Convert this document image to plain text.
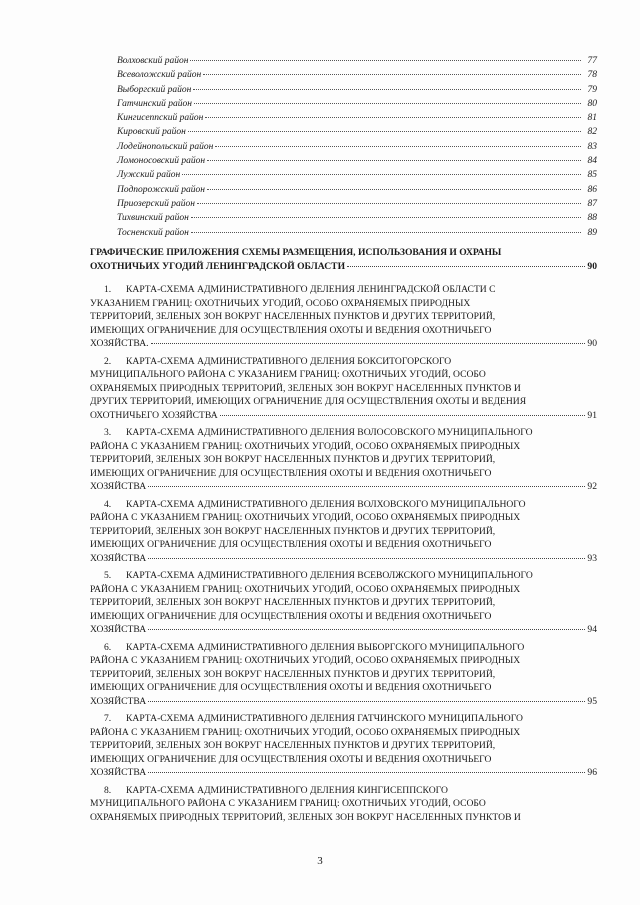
Волховский район	77
Всеволожский район	78
Выборгский район	79
Гатчинский район	80
Кингисеппский район	81
Кировский район	82
Лодейнопольский район	83
Ломоносовский район	84
Лужский район	85
Подпорожский район	86
Приозерский район	87
Тихвинский район	88
Тосненский район	89
ГРАФИЧЕСКИЕ ПРИЛОЖЕНИЯ СХЕМЫ РАЗМЕЩЕНИЯ, ИСПОЛЬЗОВАНИЯ И ОХРАНЫ
ОХОТНИЧЬИХ УГОДИЙ ЛЕНИНГРАДСКОЙ ОБЛАСТИ	90
1. КАРТА-СХЕМА АДМИНИСТРАТИВНОГО ДЕЛЕНИЯ ЛЕНИНГРАДСКОЙ ОБЛАСТИ С
УКАЗАНИЕМ ГРАНИЦ: ОХОТНИЧЬИХ УГОДИЙ, ОСОБО ОХРАНЯЕМЫХ ПРИРОДНЫХ
ТЕРРИТОРИЙ, ЗЕЛЕНЫХ ЗОН ВОКРУГ НАСЕЛЕННЫХ ПУНКТОВ И ДРУГИХ ТЕРРИТОРИЙ,
ИМЕЮЩИХ ОГРАНИЧЕНИЕ ДЛЯ ОСУЩЕСТВЛЕНИЯ ОХОТЫ И ВЕДЕНИЯ ОХОТНИЧЬЕГО
ХОЗЯЙСТВА.	90
2. КАРТА-СХЕМА АДМИНИСТРАТИВНОГО ДЕЛЕНИЯ БОКСИТОГОРСКОГО
МУНИЦИПАЛЬНОГО РАЙОНА С УКАЗАНИЕМ ГРАНИЦ: ОХОТНИЧЬИХ УГОДИЙ, ОСОБО
ОХРАНЯЕМЫХ ПРИРОДНЫХ ТЕРРИТОРИЙ, ЗЕЛЕНЫХ ЗОН ВОКРУГ НАСЕЛЕННЫХ ПУНКТОВ И
ДРУГИХ ТЕРРИТОРИЙ, ИМЕЮЩИХ ОГРАНИЧЕНИЕ ДЛЯ ОСУЩЕСТВЛЕНИЯ ОХОТЫ И ВЕДЕНИЯ
ОХОТНИЧЬЕГО ХОЗЯЙСТВА	91
3. КАРТА-СХЕМА АДМИНИСТРАТИВНОГО ДЕЛЕНИЯ ВОЛОСОВСКОГО МУНИЦИПАЛЬНОГО
РАЙОНА С УКАЗАНИЕМ ГРАНИЦ: ОХОТНИЧЬИХ УГОДИЙ, ОСОБО ОХРАНЯЕМЫХ ПРИРОДНЫХ
ТЕРРИТОРИЙ, ЗЕЛЕНЫХ ЗОН ВОКРУГ НАСЕЛЕННЫХ ПУНКТОВ И ДРУГИХ ТЕРРИТОРИЙ,
ИМЕЮЩИХ ОГРАНИЧЕНИЕ ДЛЯ ОСУЩЕСТВЛЕНИЯ ОХОТЫ И ВЕДЕНИЯ ОХОТНИЧЬЕГО
ХОЗЯЙСТВА	92
4. КАРТА-СХЕМА АДМИНИСТРАТИВНОГО ДЕЛЕНИЯ ВОЛХОВСКОГО МУНИЦИПАЛЬНОГО
РАЙОНА С УКАЗАНИЕМ ГРАНИЦ: ОХОТНИЧЬИХ УГОДИЙ, ОСОБО ОХРАНЯЕМЫХ ПРИРОДНЫХ
ТЕРРИТОРИЙ, ЗЕЛЕНЫХ ЗОН ВОКРУГ НАСЕЛЕННЫХ ПУНКТОВ И ДРУГИХ ТЕРРИТОРИЙ,
ИМЕЮЩИХ ОГРАНИЧЕНИЕ ДЛЯ ОСУЩЕСТВЛЕНИЯ ОХОТЫ И ВЕДЕНИЯ ОХОТНИЧЬЕГО
ХОЗЯЙСТВА	93
5. КАРТА-СХЕМА АДМИНИСТРАТИВНОГО ДЕЛЕНИЯ ВСЕВОЛЖСКОГО МУНИЦИПАЛЬНОГО
РАЙОНА С УКАЗАНИЕМ ГРАНИЦ: ОХОТНИЧЬИХ УГОДИЙ, ОСОБО ОХРАНЯЕМЫХ ПРИРОДНЫХ
ТЕРРИТОРИЙ, ЗЕЛЕНЫХ ЗОН ВОКРУГ НАСЕЛЕННЫХ ПУНКТОВ И ДРУГИХ ТЕРРИТОРИЙ,
ИМЕЮЩИХ ОГРАНИЧЕНИЕ ДЛЯ ОСУЩЕСТВЛЕНИЯ ОХОТЫ И ВЕДЕНИЯ ОХОТНИЧЬЕГО
ХОЗЯЙСТВА	94
6. КАРТА-СХЕМА АДМИНИСТРАТИВНОГО ДЕЛЕНИЯ ВЫБОРГСКОГО МУНИЦИПАЛЬНОГО
РАЙОНА С УКАЗАНИЕМ ГРАНИЦ: ОХОТНИЧЬИХ УГОДИЙ, ОСОБО ОХРАНЯЕМЫХ ПРИРОДНЫХ
ТЕРРИТОРИЙ, ЗЕЛЕНЫХ ЗОН ВОКРУГ НАСЕЛЕННЫХ ПУНКТОВ И ДРУГИХ ТЕРРИТОРИЙ,
ИМЕЮЩИХ ОГРАНИЧЕНИЕ ДЛЯ ОСУЩЕСТВЛЕНИЯ ОХОТЫ И ВЕДЕНИЯ ОХОТНИЧЬЕГО
ХОЗЯЙСТВА	95
7. КАРТА-СХЕМА АДМИНИСТРАТИВНОГО ДЕЛЕНИЯ ГАТЧИНСКОГО МУНИЦИПАЛЬНОГО
РАЙОНА С УКАЗАНИЕМ ГРАНИЦ: ОХОТНИЧЬИХ УГОДИЙ, ОСОБО ОХРАНЯЕМЫХ ПРИРОДНЫХ
ТЕРРИТОРИЙ, ЗЕЛЕНЫХ ЗОН ВОКРУГ НАСЕЛЕННЫХ ПУНКТОВ И ДРУГИХ ТЕРРИТОРИЙ,
ИМЕЮЩИХ ОГРАНИЧЕНИЕ ДЛЯ ОСУЩЕСТВЛЕНИЯ ОХОТЫ И ВЕДЕНИЯ ОХОТНИЧЬЕГО
ХОЗЯЙСТВА	96
8. КАРТА-СХЕМА АДМИНИСТРАТИВНОГО ДЕЛЕНИЯ КИНГИСЕППСКОГО
МУНИЦИПАЛЬНОГО РАЙОНА С УКАЗАНИЕМ ГРАНИЦ: ОХОТНИЧЬИХ УГОДИЙ, ОСОБО
ОХРАНЯЕМЫХ ПРИРОДНЫХ ТЕРРИТОРИЙ, ЗЕЛЕНЫХ ЗОН ВОКРУГ НАСЕЛЕННЫХ ПУНКТОВ И
3
